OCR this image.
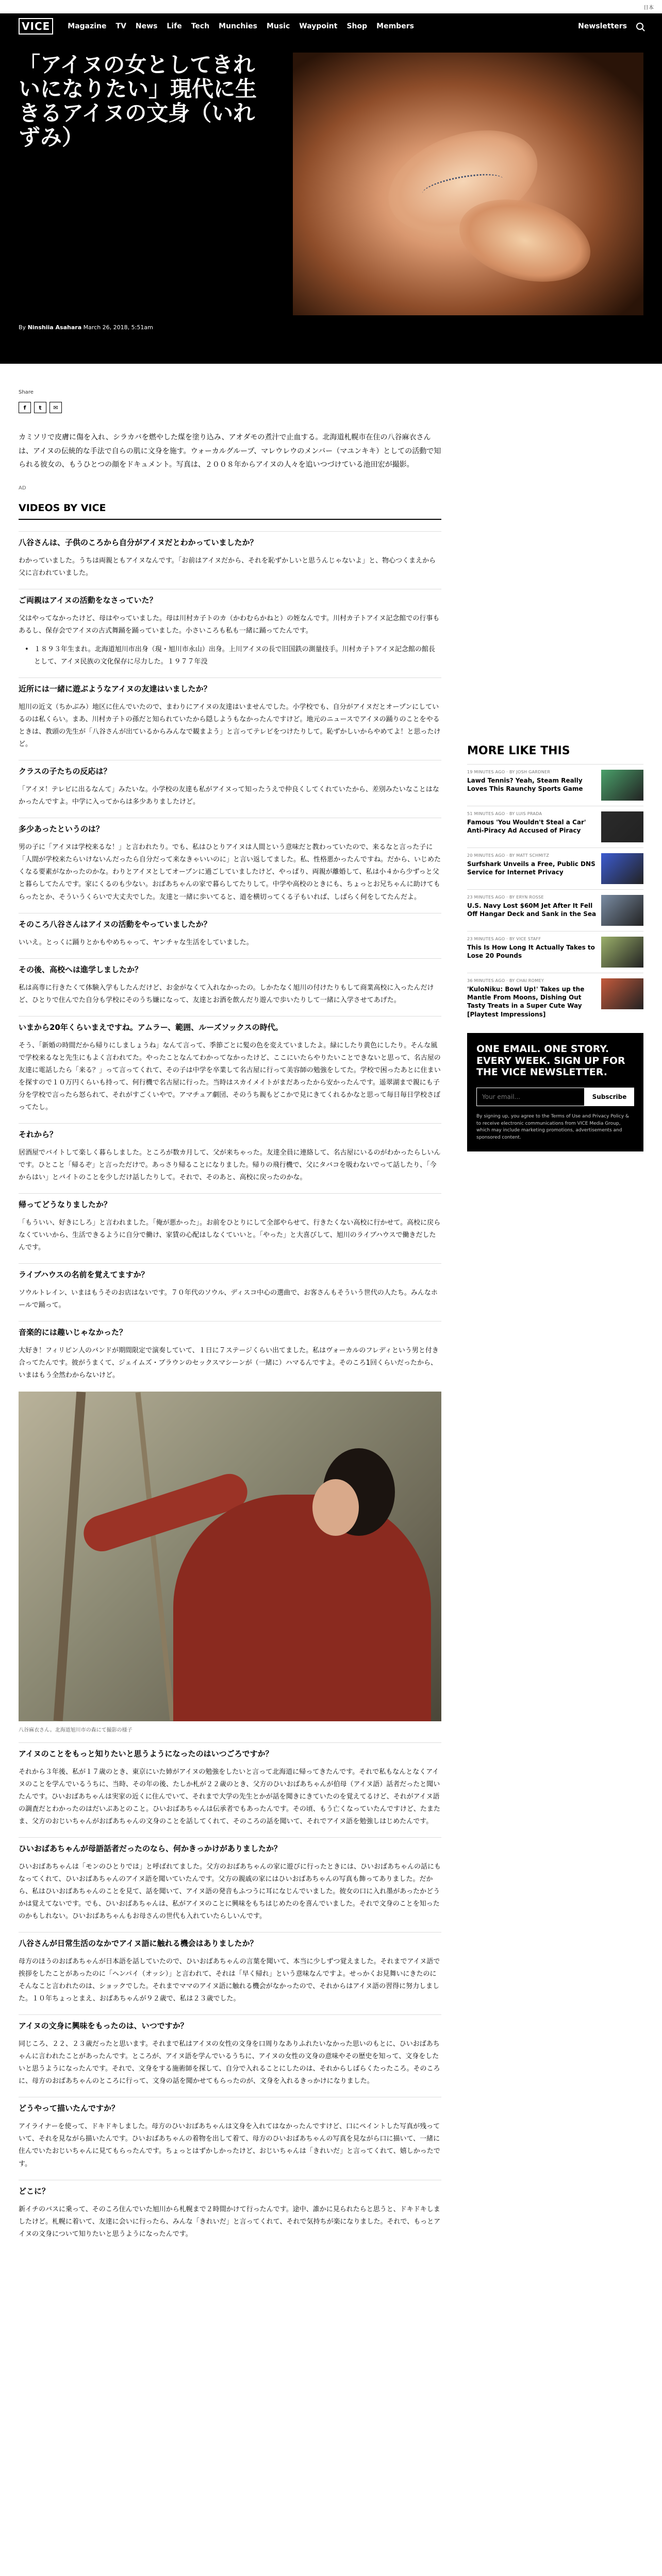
日本
VICE	Magazine TV News Life Tech Munchies Music Waypoint Shop Members	Newsletters
「アイヌの女としてきれいになりたい」現代に生きるアイヌの文身（いれずみ）
By Ninshiia Asahara March 26, 2018, 5:51am
Share
f	t	✉

カミソリで皮膚に傷を入れ、シラカバを燃やした煤を塗り込み、アオダモの煮汁で止血する。北海道札幌市在住の八谷麻衣さんは、アイヌの伝統的な手法で自らの肌に文身を施す。ウォーカルグループ、マレウレウのメンバー（マユンキキ）としての活動で知られる彼女の、もうひとつの顔をドキュメント。写真は、２００８年からアイヌの人々を追いつづけている池田宏が撮影。

AD
VIDEOS BY VICE
八谷さんは、子供のころから自分がアイヌだとわかっていましたか？

わかっていました。うちは両親ともアイヌなんです。「お前はアイヌだから、それを恥ずかしいと思うんじゃないよ」と、物心つくまえから父に言われていました。

ご両親はアイヌの活動をなさっていた？

父はやってなかったけど、母はやっていました。母は川村カ子トのカ（かわむらかねと）の姪なんです。川村カ子トアイヌ記念館での行事もあるし、保存会でアイヌの古式舞踊を踊っていました。小さいころも私も一緒に踊ってたんです。

• １８９３年生まれ。北海道旭川市出身（現・旭川市永山）出身。上川アイヌの長で旧国鉄の測量技手。川村カ子トアイヌ記念館の館長として、アイヌ民族の文化保存に尽力した。１９７７年没

近所には一緒に遊ぶようなアイヌの友達はいましたか？

旭川の近文（ちかぶみ）地区に住んでいたので、まわりにアイヌの友達はいませんでした。小学校でも、自分がアイヌだとオープンにしているのは私くらい。まあ、川村カ子トの孫だと知られていたから隠しようもなかったんですけど。地元のニュースでアイヌの踊りのことをやるときは、教頭の先生が「八谷さんが出ているからみんなで観まよう」と言ってテレビをつけたりして。恥ずかしいからやめてよ！と思ったけど。

クラスの子たちの反応は？

「アイヌ！テレビに出るなんて」みたいな。小学校の友達も私がアイヌって知ったうえで仲良くしてくれていたから、差別みたいなことはなかったんですよ。中学に入ってからは多少ありましたけど。

多少あったというのは？

男の子に「アイヌは学校来るな！」と言われたり。でも、私はひとりアイヌは人間という意味だと教わっていたので、来るなと言った子に「人間が学校来たらいけないんだったら自分だって来なきゃいいのに」と言い返してました。私、性格悪かったんですね。だから、いじめたくなる要素がなかったのかな。わりとアイヌとしてオープンに過ごしていましたけど、やっぱり、両親が離婚して、私は小４から少ずっと父と暮らしてたんです。家にくるのも少ない。おばあちゃんの家で暮らしてたりして。中学や高校のときにも、ちょっとお兄ちゃんに助けてもらったとか、そういうくらいで大丈夫でした。友達と一緒に歩いてると、道を横切ってくる子もいれば、しばらく何をしてたんだよ。

そのころ八谷さんはアイヌの活動をやっていましたか？

いいえ。とっくに踊りとかもやめちゃって、ヤンチャな生活をしていました。

その後、高校へは進学しましたか？

私は高専に行きたくて体験入学もしたんだけど、お金がなくて入れなかったの。しかたなく旭川の付けたりもして商業高校に入ったんだけど、ひとりで住んでた自分も学校にそのうち嫌になって、友達とお酒を飲んだり遊んで歩いたりして一緒に入学させてあげた。

いまから20年くらいまえですね。アムラー、範囲、ルーズソックスの時代。

そう、「新婚の時間だから帰りにしましょうね」なんて言って、季節ごとに髪の色を変えていましたよ。緑にしたり黄色にしたり。そんな風で学校来るなと先生にもよく言われてた。やったことなんてわかってなかったけど、ここにいたらやりたいことできないと思って、名古屋の友達に電話したら「来る？」って言ってくれて、その子は中学を卒業して名古屋に行って美容師の勉強をしてた。学校で困ったあとに住まいを探すので１０万円くらいも持って、何行機で名古屋に行った。当時はスカイメイトがまだあったから安かったんです。遥翠湖まで親にも子分を学校で言ったら怒られて、それがすごくいやで。アマチュア劇団、そのうち親もどこかで見にきてくれるかなと思って毎日毎日学校さぼってたし。

それから？

居酒屋でバイトして楽しく暮らしました。ところが数カ月して、父が来ちゃった。友達全員に連絡して、名古屋にいるのがわかったらしいんです。ひとこと「帰るぞ」と言っただけで。あっさり帰ることになりました。帰りの飛行機で、父にタバコを吸わないでって話したり、「今からはい」とバイトのことを少しだけ話したりして。それで、そのあと、高校に戻ったのかな。

帰ってどうなりましたか？

「もういい、好きにしろ」と言われました。「俺が悪かった」。お前をひとりにして全部やらせて、行きたくない高校に行かせて。高校に戻らなくていいから、生活できるように自分で働け、家賃の心配はしなくていいと。「やった」と大喜びして、旭川のライブハウスで働きだしたんです。

ライブハウスの名前を覚えてますか？

ソウルトレイン、いまはもうそのお店はないです。７０年代のソウル、ディスコ中心の選曲で、お客さんもそういう世代の人たち。みんなホールで踊って。

音楽的には趣いじゃなかった？

大好き！フィリピン人のバンドが期間限定で演奏していて、１日に７ステージくらい出てました。私はヴォーカルのフレディという男と付き合ってたんです。彼がうまくて、ジェイムズ・ブラウンのセックスマシーンが（一緒に）ハマるんですよ。そのころ1回くらいだったから、いまはもう全然わからないけど。

八谷麻衣さん。北海道旭川市の森にて撮影の様子

アイヌのことをもっと知りたいと思うようになったのはいつごろですか？

それから３年後、私が１７歳のとき、東京にいた姉がアイヌの勉強をしたいと言って北海道に帰ってきたんです。それで私もなんとなくアイヌのことを学んでいるうちに、当時、その年の後、たしか札が２２歳のとき、父方のひいおばあちゃんが伯母（アイヌ語）話者だったと聞いたんです。ひいおばあちゃんは実家の近くに住んでいて、それまで大学の先生とかが話を聞きにきていたのを覚えてるけど、それがアイヌ語の調査だとわかったのはだいぶあとのこと。ひいおばあちゃんは伝承者でもあったんです。その頃、もう亡くなっていたんですけど、たまたま、父方のおじいちゃんがおばあちゃんの文身のことを話してくれて、そのころの話を聞いて、それでアイヌ語を勉強しはじめたんです。

ひいおばあちゃんが母語話者だったのなら、何かきっかけがありましたか？

ひいおばあちゃんは「モンのひとりでは」と呼ばれてました。父方のおばあちゃんの家に遊びに行ったときには、ひいおばあちゃんの話にもなってくれて、ひいおばあちゃんのアイヌ語を聞いていたんです。父方の親戚の家にはひいおばあちゃんの写真も飾ってありました。だから、私はひいおばあちゃんのことを見て、話を聞いて、アイヌ語の発音もふつうに耳になじんでいました。彼女の口に入れ墨があったかどうかは覚えてないです。でも、ひいおばあちゃんは、私がアイヌのことに興味をもちはじめたのを喜んでいました。それで文身のことを知ったのかもしれない。ひいおばあちゃんもお母さんの世代も入れていたらしいんです。

八谷さんが日常生活のなかでアイヌ語に触れる機会はありましたか？

母方のほうのおばあちゃんが日本語を話していたので、ひいおばあちゃんの言葉を聞いて、本当に少しずつ覚えました。それまでアイヌ語で挨拶をしたことがあったのに「ヘンパイ（オッシ）」と言われて、それは「早く帰れ」という意味なんですよ。せっかくお見舞いにきたのにそんなこと言われたのは、ショックでした。それまでママのアイヌ語に触れる機会がなかったので、それからはアイヌ語の習得に努力しました。１０年ちょっとまえ、おばあちゃんが９２歳で、私は２３歳でした。

アイヌの文身に興味をもったのは、いつですか？

同じころ、２２、２３歳だったと思います。それまで私はアイヌの女性の文身を口周りなありふれたいなかった思いのもとに、ひいおばあちゃんに言われたことがあったんです。ところが、アイヌ語を学んでいるうちに、アイヌの女性の文身の意味やその歴史を知って、文身をしたいと思うようになったんです。それで、文身をする施術師を探して、自分で入れることにしたのは、それからしばらくたったころ。そのころに、母方のおばあちゃんのところに行って、文身の話を聞かせてもらったのが、文身を入れるきっかけになりました。

どうやって描いたんですか？

アイライナーを使って、ドキドキしました。母方のひいおばあちゃんは文身を入れてはなかったんですけど、口にペイントした写真が残っていて、それを見ながら描いたんです。ひいおばあちゃんの着物を出して着て、母方のひいおばあちゃんの写真を見ながら口に描いて、一緒に住んでいたおじいちゃんに見てもらったんです。ちょっとはずかしかったけど、おじいちゃんは「きれいだ」と言ってくれて、嬉しかったです。

どこに？

新イチのバスに乗って、そのころ住んでいた旭川から札幌まで２時間かけて行ったんです。途中、誰かに見られたらと思うと、ドキドキしましたけど。札幌に着いて、友達に会いに行ったら、みんな「きれいだ」と言ってくれて、それで気持ちが楽になりました。それで、もっとアイヌの文身について知りたいと思うようになったんです。

MORE LIKE THIS
19 MINUTES AGO · BY JOSH GARDNER
Lawd Tennis? Yeah, Steam Really Loves This Raunchy Sports Game
51 MINUTES AGO · BY LUIS PRADA
Famous 'You Wouldn't Steal a Car' Anti-Piracy Ad Accused of Piracy
20 MINUTES AGO · BY MATT SCHMITZ
Surfshark Unveils a Free, Public DNS Service for Internet Privacy
23 MINUTES AGO · BY ERYN ROSSE
U.S. Navy Lost $60M Jet After It Fell Off Hangar Deck and Sank in the Sea
23 MINUTES AGO · BY VICE STAFF
This Is How Long It Actually Takes to Lose 20 Pounds
36 MINUTES AGO · BY CHAI ROMEY
'KuloNiku: Bowl Up!' Takes up the Mantle From Moons, Dishing Out Tasty Treats in a Super Cute Way [Playtest Impressions]
ONE EMAIL. ONE STORY. EVERY WEEK. SIGN UP FOR THE VICE NEWSLETTER.
Your email...
Subscribe

By signing up, you agree to the Terms of Use and Privacy Policy & to receive electronic communications from VICE Media Group, which may include marketing promotions, advertisements and sponsored content.
